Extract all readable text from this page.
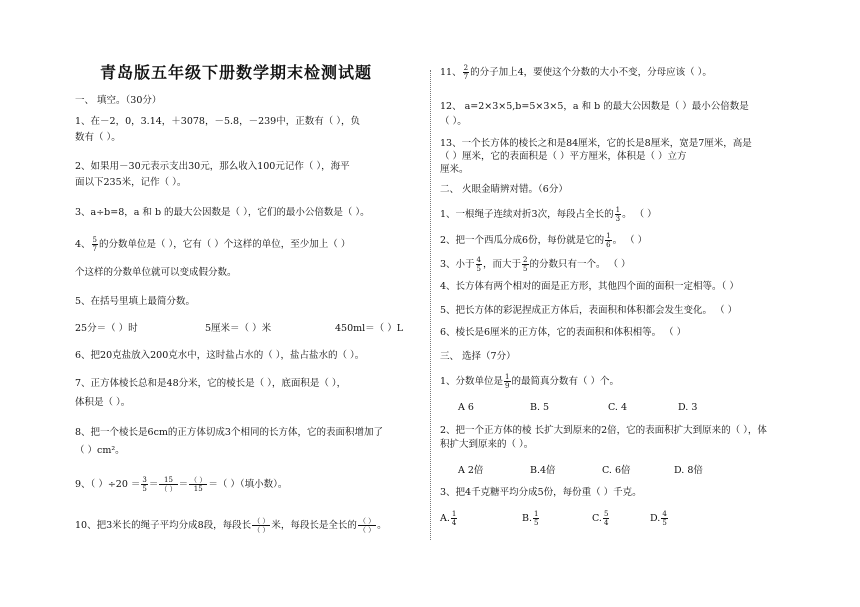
青岛版五年级下册数学期末检测试题
一、 填空。（30分）
1、在－2，0，3.14，＋3078，－5.8，－239中，正数有（ ），负
数有（ ）。
2、如果用－30元表示支出30元，那么收入100元记作（ ），海平
面以下235米，记作（ ）。
3、a÷b=8，a 和 b 的最大公因数是（ ），它们的最小公倍数是（ ）。
4、 $\frac{5}{7}$ 的分数单位是（ ），它有（ ）个这样的单位，至少加上（ ）
个这样的分数单位就可以变成假分数。
5、在括号里填上最简分数。
25分＝（ ）时	5厘米＝（ ）米	450ml＝（ ）L
6、把20克盐放入200克水中，这时盐占水的（ ），盐占盐水的（ ）。
7、正方体棱长总和是48分米，它的棱长是（ ），底面积是（ ），
体积是（ ）。
8、把一个棱长是6cm的正方体切成3个相同的长方体，它的表面积增加了
（ ）cm²。
9、（ ）$\div 20 = \frac{3}{5} = \frac{15}{( )} = \frac{( )}{15}$ ＝（ ）（填小数）。
10、把3米长的绳子平均分成8段，每段长 $\frac{( )}{( )}$ 米，每段长是全长的 $\frac{( )}{( )}$ 。
11、 $\frac{2}{7}$ 的分子加上4，要使这个分数的大小不变，分母应该（ ）。
12、 a=2×3×5,b=5×3×5，a 和 b 的最大公因数是（ ）最小公倍数是
（ ）。
13、一个长方体的棱长之和是84厘米，它的长是8厘米，宽是7厘米，高是
（ ）厘米，它的表面积是（ ）平方厘米，体积是（ ）立方
厘米。
二、 火眼金睛辨对错。（6分）
1、一根绳子连续对折3次，每段占全长的 $\frac{1}{3}$ 。 （ ）
2、把一个西瓜分成6份，每份就是它的 $\frac{1}{6}$ 。 （ ）
3、小于 $\frac{4}{5}$ ，而大于 $\frac{2}{5}$ 的分数只有一个。 （ ）
4、长方体有两个相对的面是正方形，其他四个面的面积一定相等。（ ）
5、把长方体的彩泥捏成正方体后，表面积和体积都会发生变化。 （ ）
6、棱长是6厘米的正方体，它的表面积和体积相等。 （ ）
三、 选择（7分）
1、分数单位是 $\frac{1}{9}$ 的最简真分数有（ ）个。
A 6	B. 5	C. 4	D. 3
2、把一个正方体的棱 长扩大到原来的2倍，它的表面积扩大到原来的（ ），体
积扩大到原来的（ ）。
A 2倍	B.4倍	C. 6倍	D. 8倍
3、把4千克糖平均分成5份，每份重（ ）千克。
A. $\frac{1}{4}$	B. $\frac{1}{5}$	C. $\frac{5}{4}$	D. $\frac{4}{5}$
